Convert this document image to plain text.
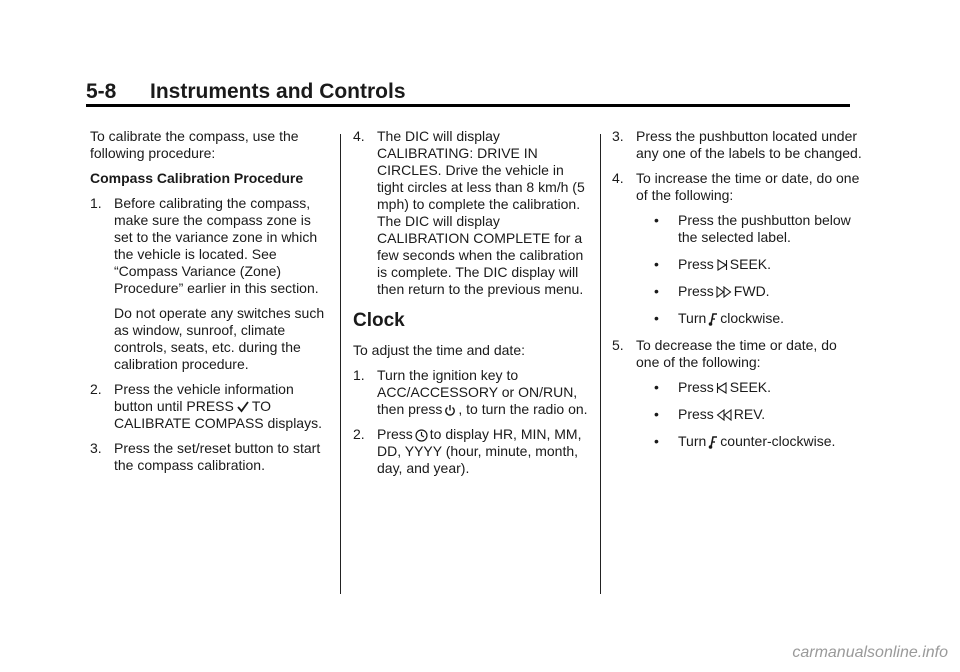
5-8 Instruments and Controls

To calibrate the compass, use the following procedure:

Compass Calibration Procedure

1. Before calibrating the compass, make sure the compass zone is set to the variance zone in which the vehicle is located. See “Compass Variance (Zone) Procedure” earlier in this section.
Do not operate any switches such as window, sunroof, climate controls, seats, etc. during the calibration procedure.
2. Press the vehicle information button until PRESS TO CALIBRATE COMPASS displays.
3. Press the set/reset button to start the compass calibration.
4. The DIC will display CALIBRATING: DRIVE IN CIRCLES. Drive the vehicle in tight circles at less than 8 km/h (5 mph) to complete the calibration. The DIC will display CALIBRATION COMPLETE for a few seconds when the calibration is complete. The DIC display will then return to the previous menu.
Clock

To adjust the time and date:

1. Turn the ignition key to ACC/ACCESSORY or ON/RUN, then press , to turn the radio on.
2. Press to display HR, MIN, MM, DD, YYYY (hour, minute, month, day, and year).
3. Press the pushbutton located under any one of the labels to be changed.
4. To increase the time or date, do one of the following:
• Press the pushbutton below the selected label.
• Press SEEK.
• Press FWD.
• Turn clockwise.
5. To decrease the time or date, do one of the following:
• Press SEEK.
• Press REV.
• Turn counter-clockwise.
carmanualsonline.info
